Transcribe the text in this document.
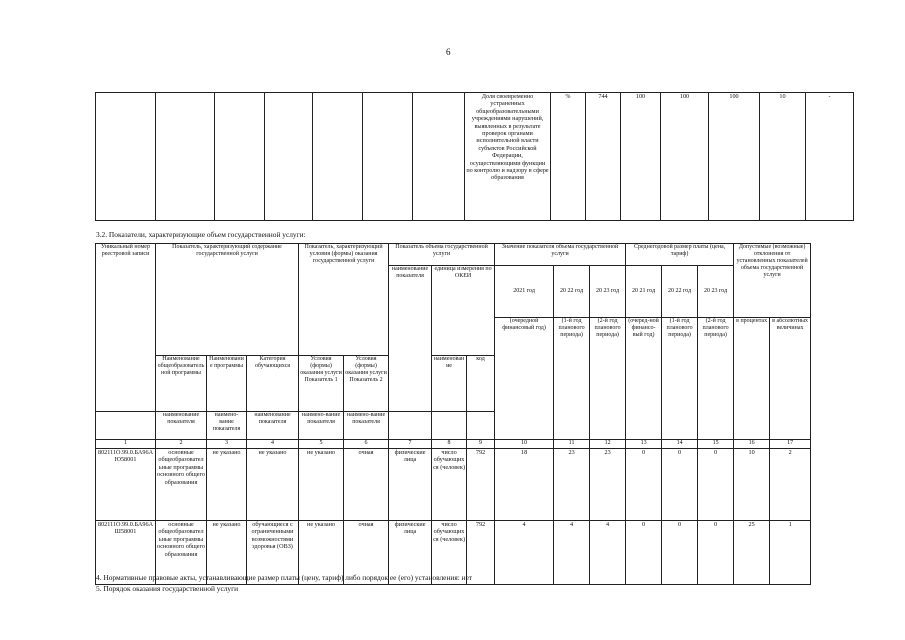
6
							Доля своевременно устраненных общеобразовательными учреждениями нарушений, выявленных в результате проверок органами исполнительной власти субъектов Российской Федерации, осуществляющими функции по контролю и надзору в сфере образования	%	744	100	100	100	10	-
3.2. Показатели, характеризующие объем государственной услуги:
Уникальный номер реестровой записи	Показатель, характеризующий содержание государственной услуги			Показатель, характеризующий условия (формы) оказания государственной услуги		Показатель объема государственной услуги			Значение показателя объема государственной услуги			Среднегодовой размер платы (цена, тариф)			Допустимые (возможные) отклонения от установленных показателей объема государственной услуги	
						наименование показателя	единица измерения по ОКЕИ		2021 год	20 22 год	20 23 год	20 21 год	20 22 год	20 23 год		
									(очередной финансовый год)	(1-й год планового периода)	(2-й год планового периода)	(очеред-ной финансо-вый год)	(1-й год планового периода)	(2-й год планового периода)	в процентах	в абсолютных величинах
	Наименование общеобразовательной программы	Наименование программы	Категория обучающихся	Условия (формы) оказания услуги Показатель 1	Условия (формы) оказания услуги Показатель 2		наименование	код								
	наименование показателя	наимено-вание показателя	наименование показателя	наимено-вание показателя	наимено-вание показателя											
1	2	3	4	5	6	7	8	9	10	11	12	13	14	15	16	17
802111О.99.0.БА96АЮ58001	основные общеобразовательные программы основного общего образования	не указано	не указано	не указано	очная	физические лица	число обучающихся (человек)	792	18	23	23	0	0	0	10	2
802111О.99.0.БА96АШ58001	основные общеобразовательные программы основного общего образования	не указано	обучающиеся с ограниченными возможностями здоровья (ОВЗ)	не указано	очная	физические лица	число обучающихся (человек)	792	4	4	4	0	0	0	25	1
4. Нормативные правовые акты, устанавливающие размер платы (цену, тариф) либо порядок ее (его) установления: нет
5. Порядок оказания государственной услуги
